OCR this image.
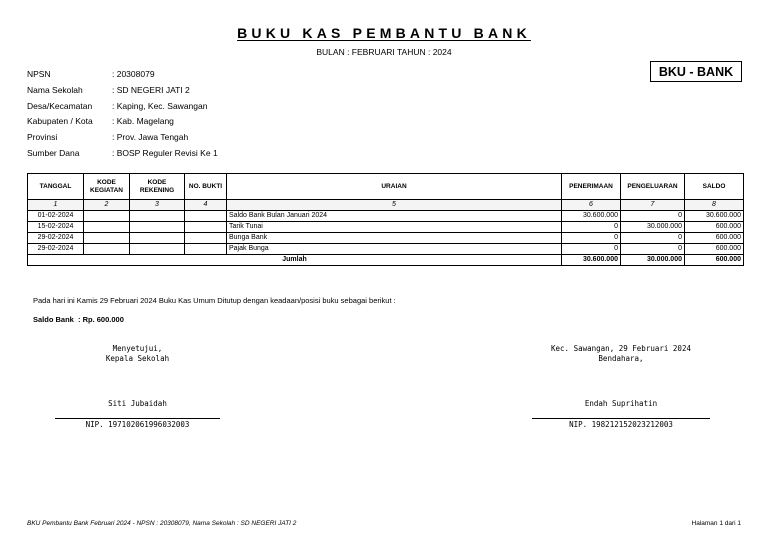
BUKU KAS PEMBANTU BANK
BULAN : FEBRUARI TAHUN : 2024
BKU - BANK
NPSN	: 20308079
Nama Sekolah	: SD NEGERI JATI 2
Desa/Kecamatan : Kaping, Kec. Sawangan
Kabupaten / Kota : Kab. Magelang
Provinsi	: Prov. Jawa Tengah
Sumber Dana	: BOSP Reguler Revisi Ke 1
TANGGAL	KODE KEGIATAN	KODE REKENING	NO. BUKTI	URAIAN	PENERIMAAN	PENGELUARAN	SALDO
1	2	3	4	5	6	7	8
01-02-2024				Saldo Bank Bulan Januari 2024	30.600.000	0	30.600.000
15-02-2024				Tarik Tunai	0	30.000.000	600.000
29-02-2024				Bunga Bank	0	0	600.000
29-02-2024				Pajak Bunga	0	0	600.000
Jumlah					30.600.000	30.000.000	600.000
Pada hari ini Kamis 29 Februari 2024 Buku Kas Umum Ditutup dengan keadaan/posisi buku sebagai berikut :
Saldo Bank : Rp. 600.000
Menyetujui,
Kepala Sekolah
Siti Jubaidah
NIP. 197102061996032003
Kec. Sawangan, 29 Februari 2024
Bendahara,
Endah Suprihatin
NIP. 198212152023212003
BKU Pembantu Bank Februari 2024 - NPSN : 20308079, Nama Sekolah : SD NEGERI JATI 2	Halaman 1 dari 1
